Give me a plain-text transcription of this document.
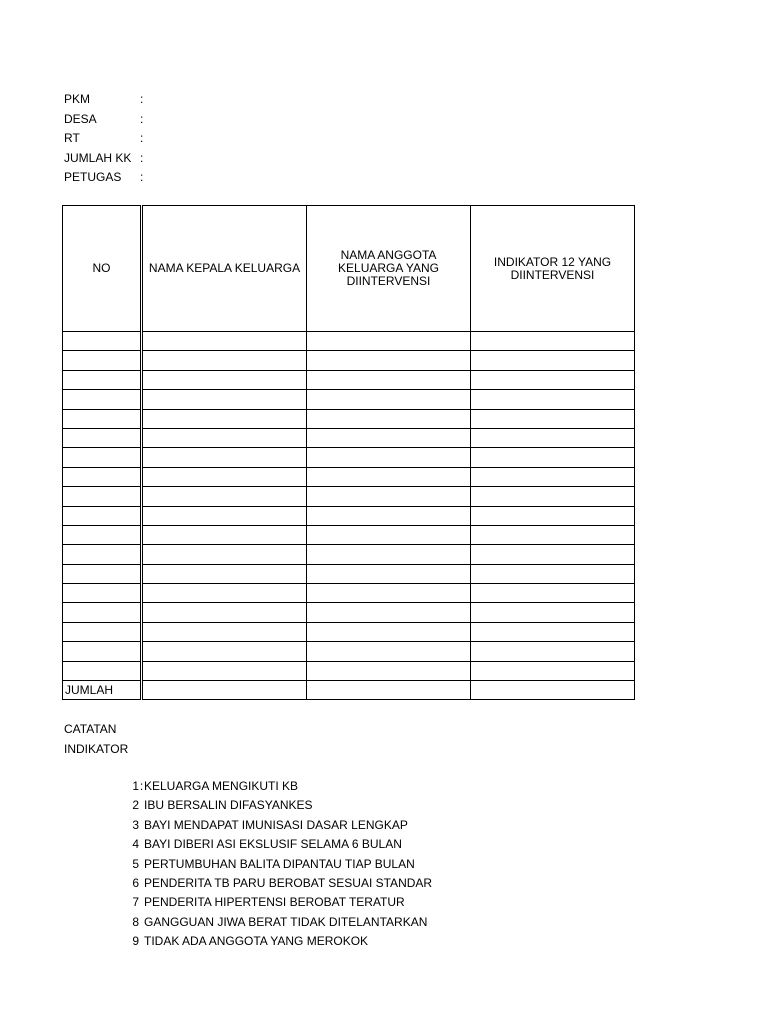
PKM	:
DESA	:
RT	:
JUMLAH KK :
PETUGAS :
NO	NAMA KEPALA KELUARGA	NAMA ANGGOTA KELUARGA YANG DIINTERVENSI	INDIKATOR 12 YANG DIINTERVENSI

JUMLAH			
CATATAN
INDIKATOR
1:KELUARGA MENGIKUTI KB
2 IBU BERSALIN DIFASYANKES
3 BAYI MENDAPAT IMUNISASI DASAR LENGKAP
4 BAYI DIBERI ASI EKSLUSIF SELAMA 6 BULAN
5 PERTUMBUHAN BALITA DIPANTAU TIAP BULAN
6 PENDERITA TB PARU BEROBAT SESUAI STANDAR
7 PENDERITA HIPERTENSI BEROBAT TERATUR
8 GANGGUAN JIWA BERAT TIDAK DITELANTARKAN
9 TIDAK ADA ANGGOTA YANG MEROKOK
